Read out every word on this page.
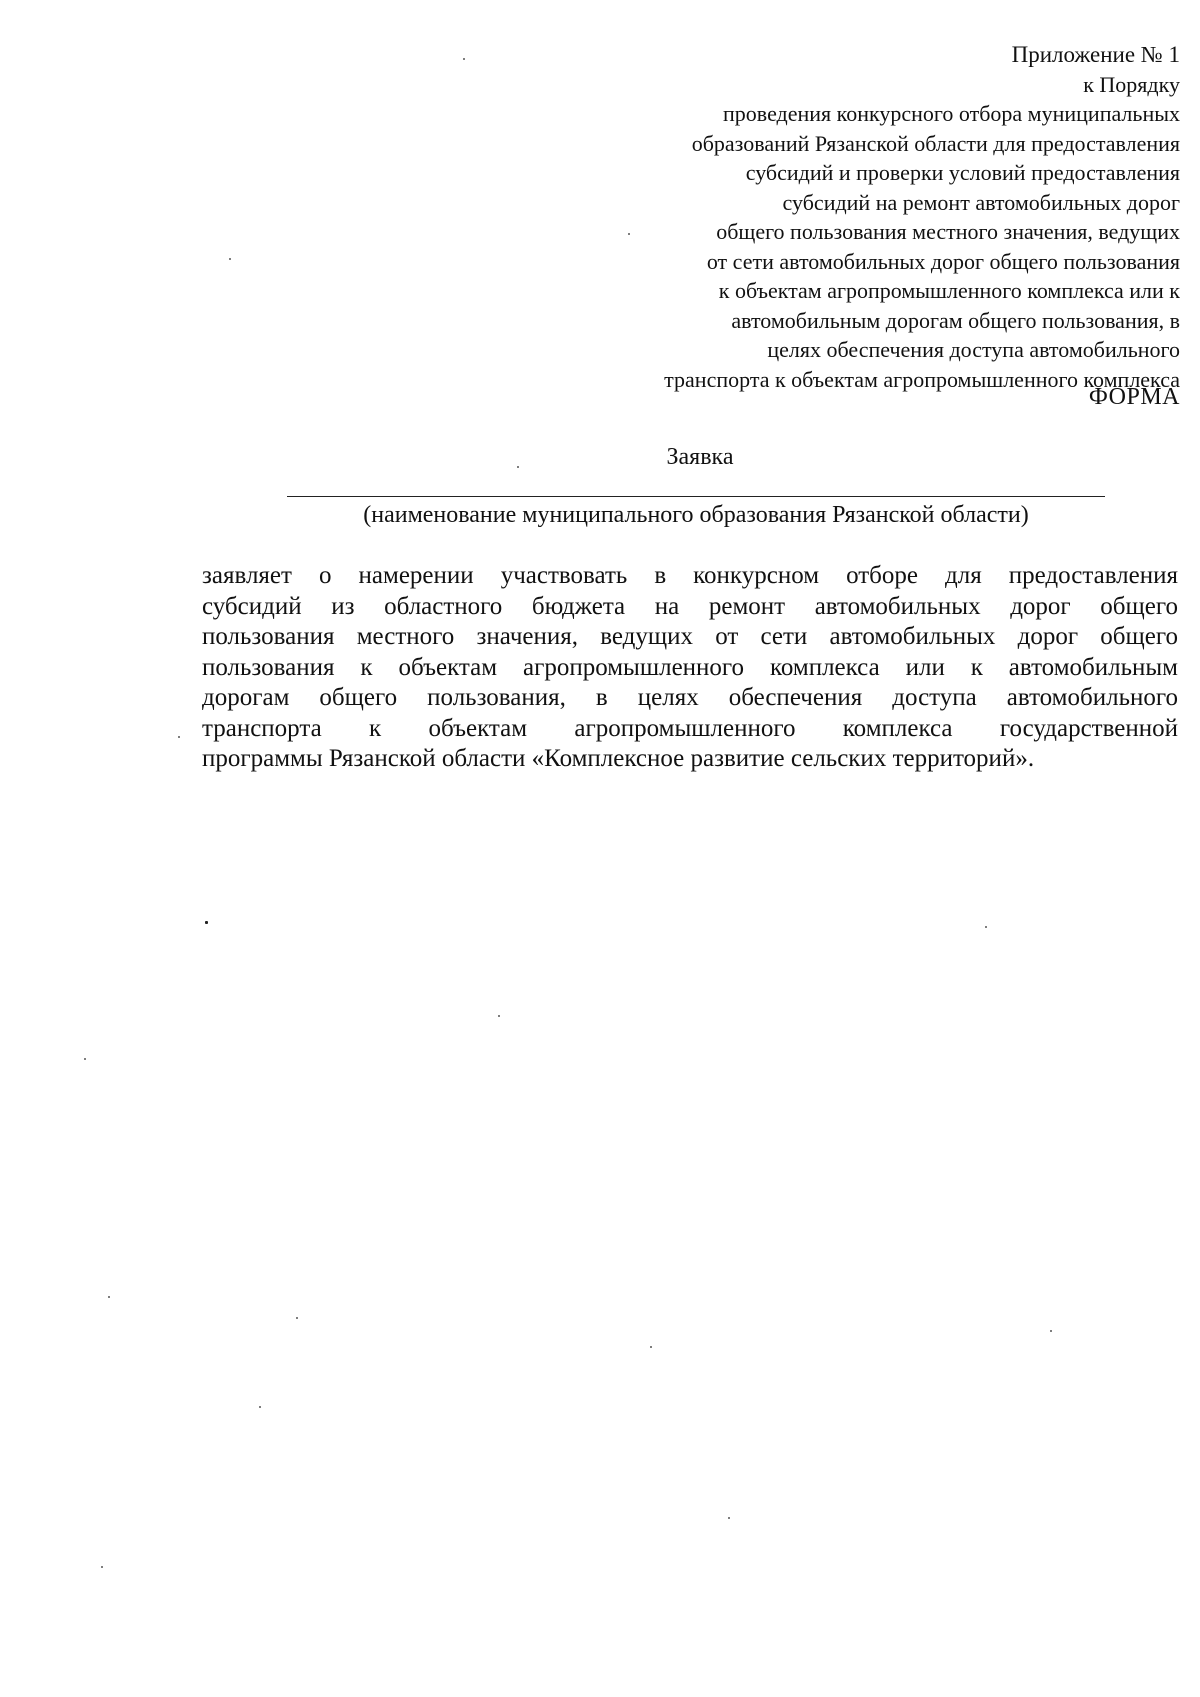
Приложение № 1
к Порядку
проведения конкурсного отбора муниципальных
образований Рязанской области для предоставления
субсидий и проверки условий предоставления
субсидий на ремонт автомобильных дорог
общего пользования местного значения, ведущих
от сети автомобильных дорог общего пользования
к объектам агропромышленного комплекса или к
автомобильным дорогам общего пользования, в
целях обеспечения доступа автомобильного
транспорта к объектам агропромышленного комплекса
ФОРМА
Заявка
(наименование муниципального образования Рязанской области)
заявляет о намерении участвовать в конкурсном отборе для предоставления
субсидий из областного бюджета на ремонт автомобильных дорог общего
пользования местного значения, ведущих от сети автомобильных дорог общего
пользования к объектам агропромышленного комплекса или к автомобильным
дорогам общего пользования, в целях обеспечения доступа автомобильного
транспорта к объектам агропромышленного комплекса государственной
программы Рязанской области «Комплексное развитие сельских территорий».
